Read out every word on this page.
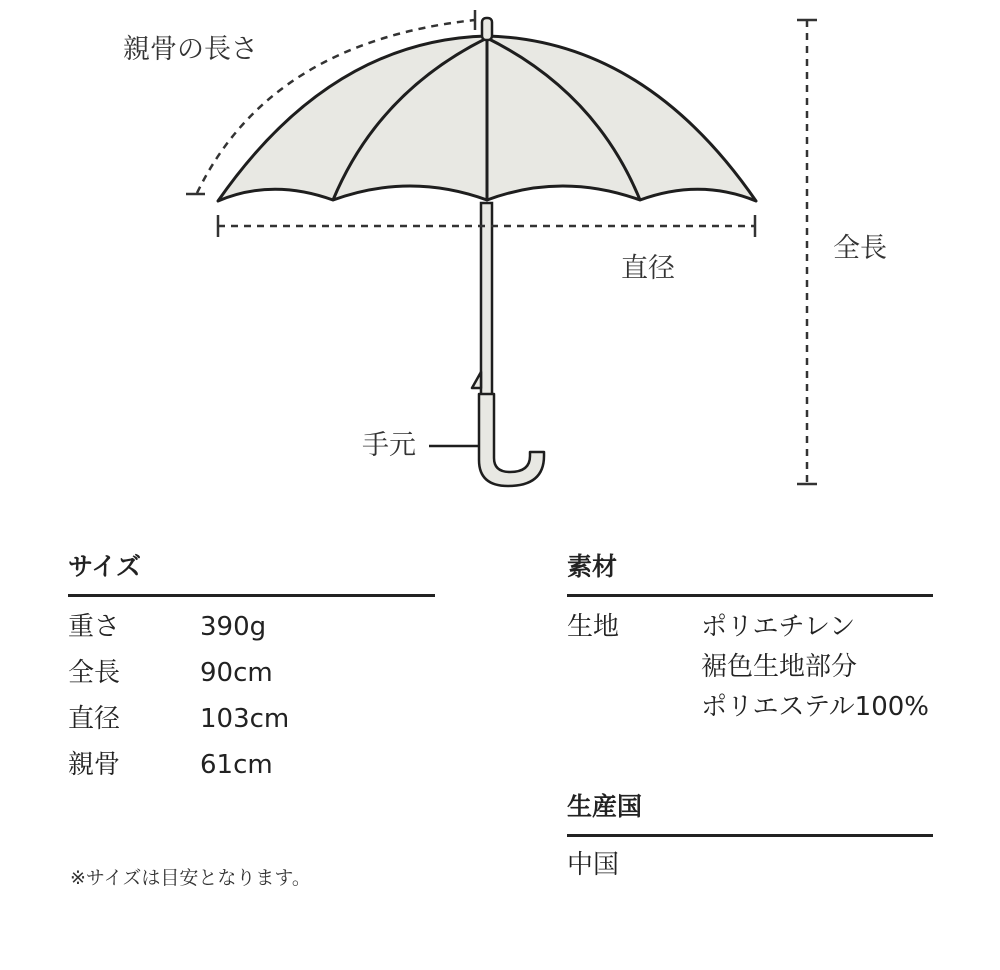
親骨の長さ
全長
直径
手元
サイズ
重さ	390g
全長	90cm
直径	103cm
親骨	61cm
※サイズは目安となります。
素材
生地	ポリエチレン
裾色生地部分
ポリエステル100%
生産国
中国
